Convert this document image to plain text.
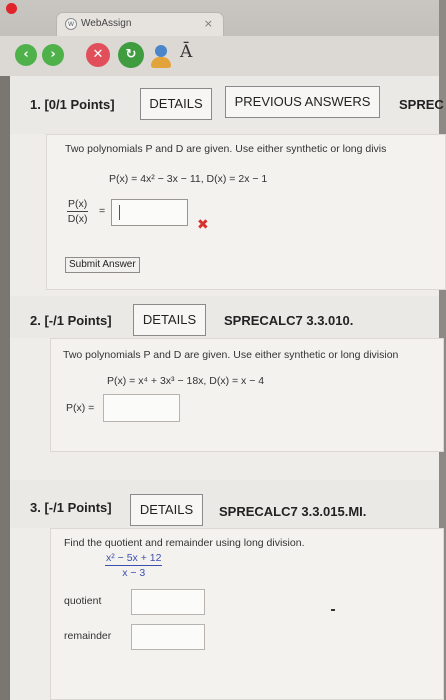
w WebAssign	×
‹	›	✕	↻	Ā
1. [0/1 Points]	DETAILS	PREVIOUS ANSWERS	SPREC
Two polynomials P and D are given. Use either synthetic or long divis
P(x) = 4x² − 3x − 11, D(x) = 2x − 1
P(x)
D(x)
=
✖
Submit Answer
2. [-/1 Points]	DETAILS	SPRECALC7 3.3.010.
Two polynomials P and D are given. Use either synthetic or long division
P(x) = x⁴ + 3x³ − 18x, D(x) = x − 4
P(x) =
3. [-/1 Points]	DETAILS	SPRECALC7 3.3.015.MI.
Find the quotient and remainder using long division.
x² − 5x + 12
x − 3
quotient
remainder
